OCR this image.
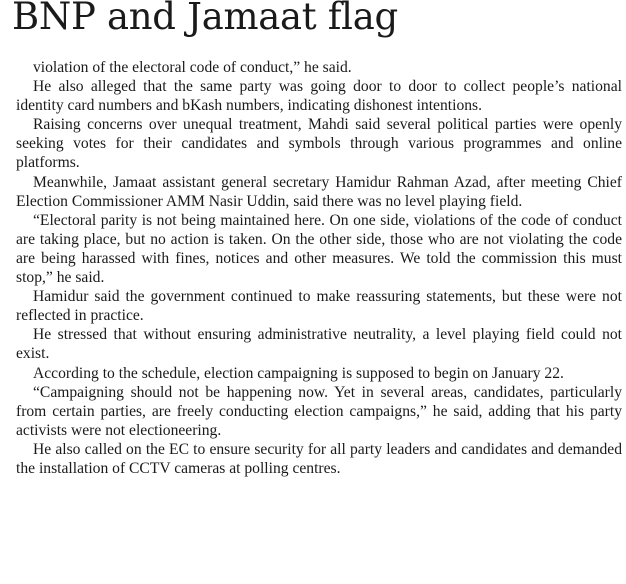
BNP and Jamaat flag

violation of the electoral code of conduct,” he said.

He also alleged that the same party was going door to door to collect people’s national identity card numbers and bKash numbers, indicating dishonest intentions.

Raising concerns over unequal treatment, Mahdi said several political parties were openly seeking votes for their candidates and symbols through various programmes and online platforms.

Meanwhile, Jamaat assistant general secretary Hamidur Rahman Azad, after meeting Chief Election Commissioner AMM Nasir Uddin, said there was no level playing field.

“Electoral parity is not being maintained here. On one side, violations of the code of conduct are taking place, but no action is taken. On the other side, those who are not violating the code are being harassed with fines, notices and other measures. We told the commission this must stop,” he said.

Hamidur said the government continued to make reassuring statements, but these were not reflected in practice.

He stressed that without ensuring administrative neutrality, a level playing field could not exist.

According to the schedule, election campaigning is supposed to begin on January 22.

“Campaigning should not be happening now. Yet in several areas, candidates, particularly from certain parties, are freely conducting election campaigns,” he said, adding that his party activists were not electioneering.

He also called on the EC to ensure security for all party leaders and candidates and demanded the installation of CCTV cameras at polling centres.
